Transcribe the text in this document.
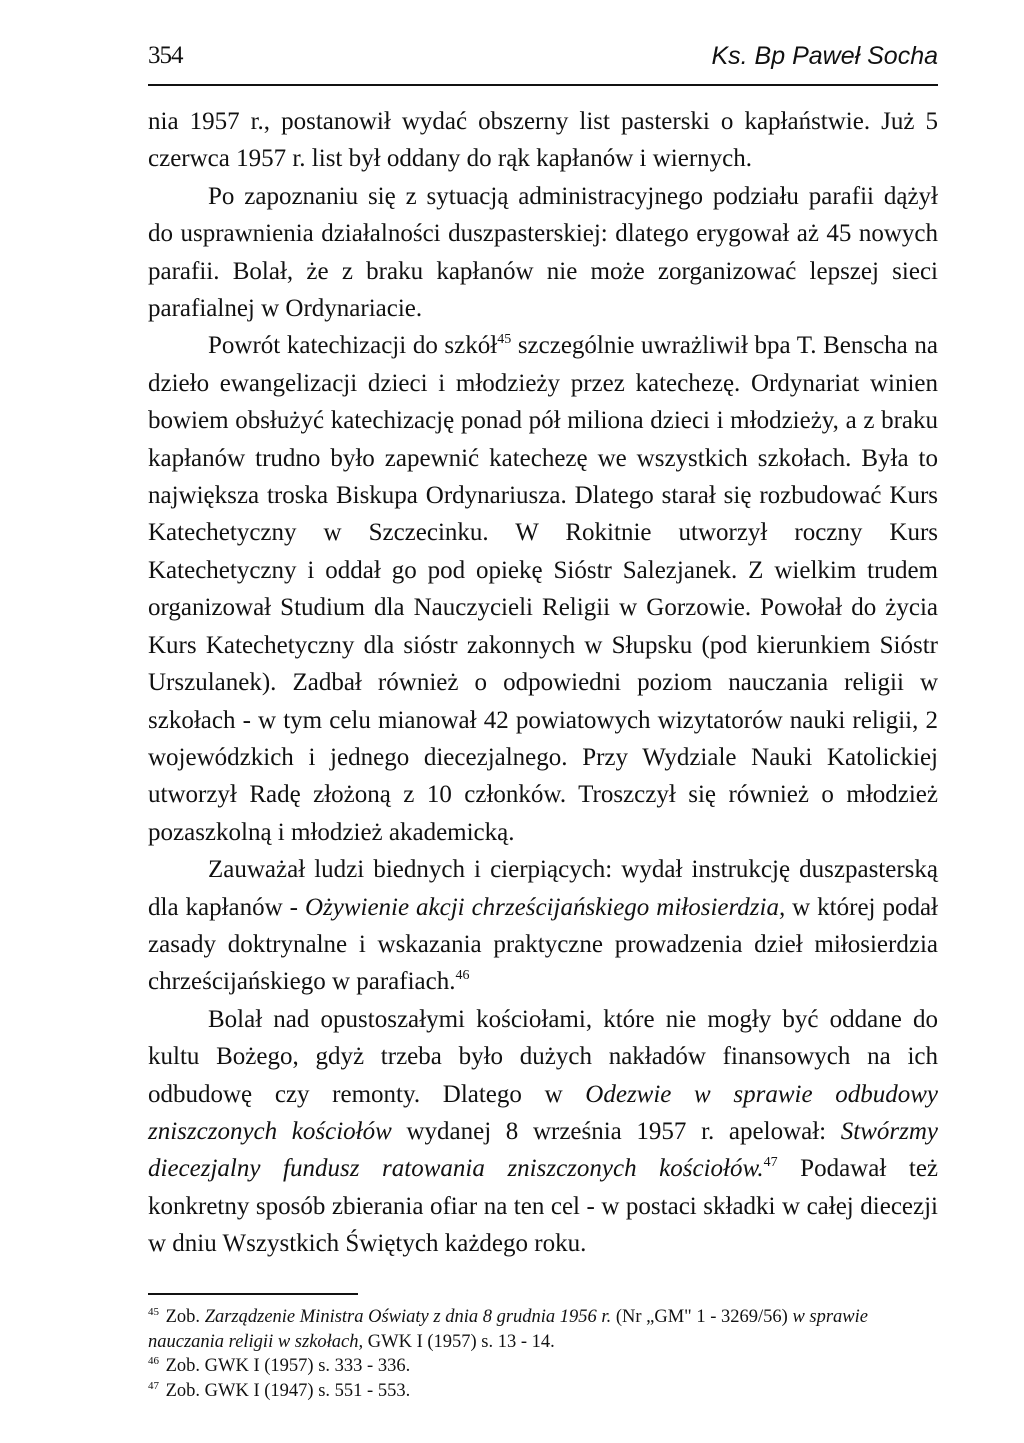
354	Ks. Bp Paweł Socha

nia 1957 r., postanowił wydać obszerny list pasterski o kapłaństwie. Już 5 czerwca 1957 r. list był oddany do rąk kapłanów i wiernych.

Po zapoznaniu się z sytuacją administracyjnego podziału parafii dążył do usprawnienia działalności duszpasterskiej: dlatego erygował aż 45 nowych parafii. Bolał, że z braku kapłanów nie może zorganizować lepszej sieci parafialnej w Ordynariacie.

Powrót katechizacji do szkół$^{45}$ szczególnie uwrażliwił bpa T. Benscha na dzieło ewangelizacji dzieci i młodzieży przez katechezę. Ordynariat winien bowiem obsłużyć katechizację ponad pół miliona dzieci i młodzieży, a z braku kapłanów trudno było zapewnić katechezę we wszystkich szkołach. Była to największa troska Biskupa Ordynariusza. Dlatego starał się rozbudować Kurs Katechetyczny w Szczecinku. W Rokitnie utworzył roczny Kurs Katechetyczny i oddał go pod opiekę Sióstr Salezjanek. Z wielkim trudem organizował Studium dla Nauczycieli Religii w Gorzowie. Powołał do życia Kurs Katechetyczny dla sióstr zakonnych w Słupsku (pod kierunkiem Sióstr Urszulanek). Zadbał również o odpowiedni poziom nauczania religii w szkołach - w tym celu mianował 42 powiatowych wizytatorów nauki religii, 2 wojewódzkich i jednego diecezjalnego. Przy Wydziale Nauki Katolickiej utworzył Radę złożoną z 10 członków. Troszczył się również o młodzież pozaszkolną i młodzież akademicką.

Zauważał ludzi biednych i cierpiących: wydał instrukcję duszpasterską dla kapłanów - Ożywienie akcji chrześcijańskiego miłosierdzia, w której podał zasady doktrynalne i wskazania praktyczne prowadzenia dzieł miłosierdzia chrześcijańskiego w parafiach.$^{46}$

Bolał nad opustoszałymi kościołami, które nie mogły być oddane do kultu Bożego, gdyż trzeba było dużych nakładów finansowych na ich odbudowę czy remonty. Dlatego w Odezwie w sprawie odbudowy zniszczonych kościołów wydanej 8 września 1957 r. apelował: Stwórzmy diecezjalny fundusz ratowania zniszczonych kościołów.$^{47}$ Podawał też konkretny sposób zbierania ofiar na ten cel - w postaci składki w całej diecezji w dniu Wszystkich Świętych każdego roku.

$^{45}$ Zob. Zarządzenie Ministra Oświaty z dnia 8 grudnia 1956 r. (Nr „GM" 1 - 3269/56) w sprawie nauczania religii w szkołach, GWK I (1957) s. 13 - 14.

$^{46}$ Zob. GWK I (1957) s. 333 - 336.

$^{47}$ Zob. GWK I (1947) s. 551 - 553.
